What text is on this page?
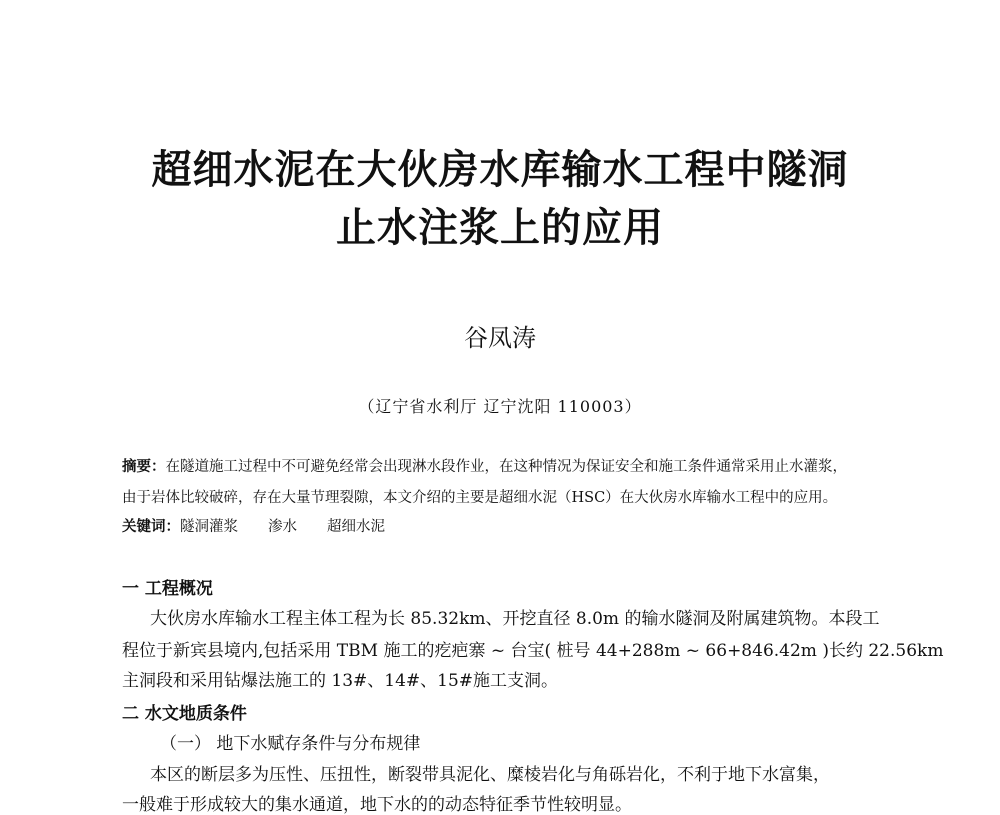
超细水泥在大伙房水库输水工程中隧洞
止水注浆上的应用
谷凤涛
（辽宁省水利厅 辽宁沈阳 110003）
摘要：在隧道施工过程中不可避免经常会出现淋水段作业，在这种情况为保证安全和施工条件通常采用止水灌浆，
由于岩体比较破碎，存在大量节理裂隙，本文介绍的主要是超细水泥（HSC）在大伙房水库输水工程中的应用。
关键词：隧洞灌浆 渗水 超细水泥
一 工程概况
大伙房水库输水工程主体工程为长 85.32km、开挖直径 8.0m 的输水隧洞及附属建筑物。本段工
程位于新宾县境内,包括采用 TBM 施工的疙疤寨 ~ 台宝( 桩号 44+288m ~ 66+846.42m )长约 22.56km
主洞段和采用钻爆法施工的 13#、14#、15#施工支洞。
二 水文地质条件
（一） 地下水赋存条件与分布规律
本区的断层多为压性、压扭性，断裂带具泥化、糜棱岩化与角砾岩化，不利于地下水富集，
一般难于形成较大的集水通道，地下水的的动态特征季节性较明显。
